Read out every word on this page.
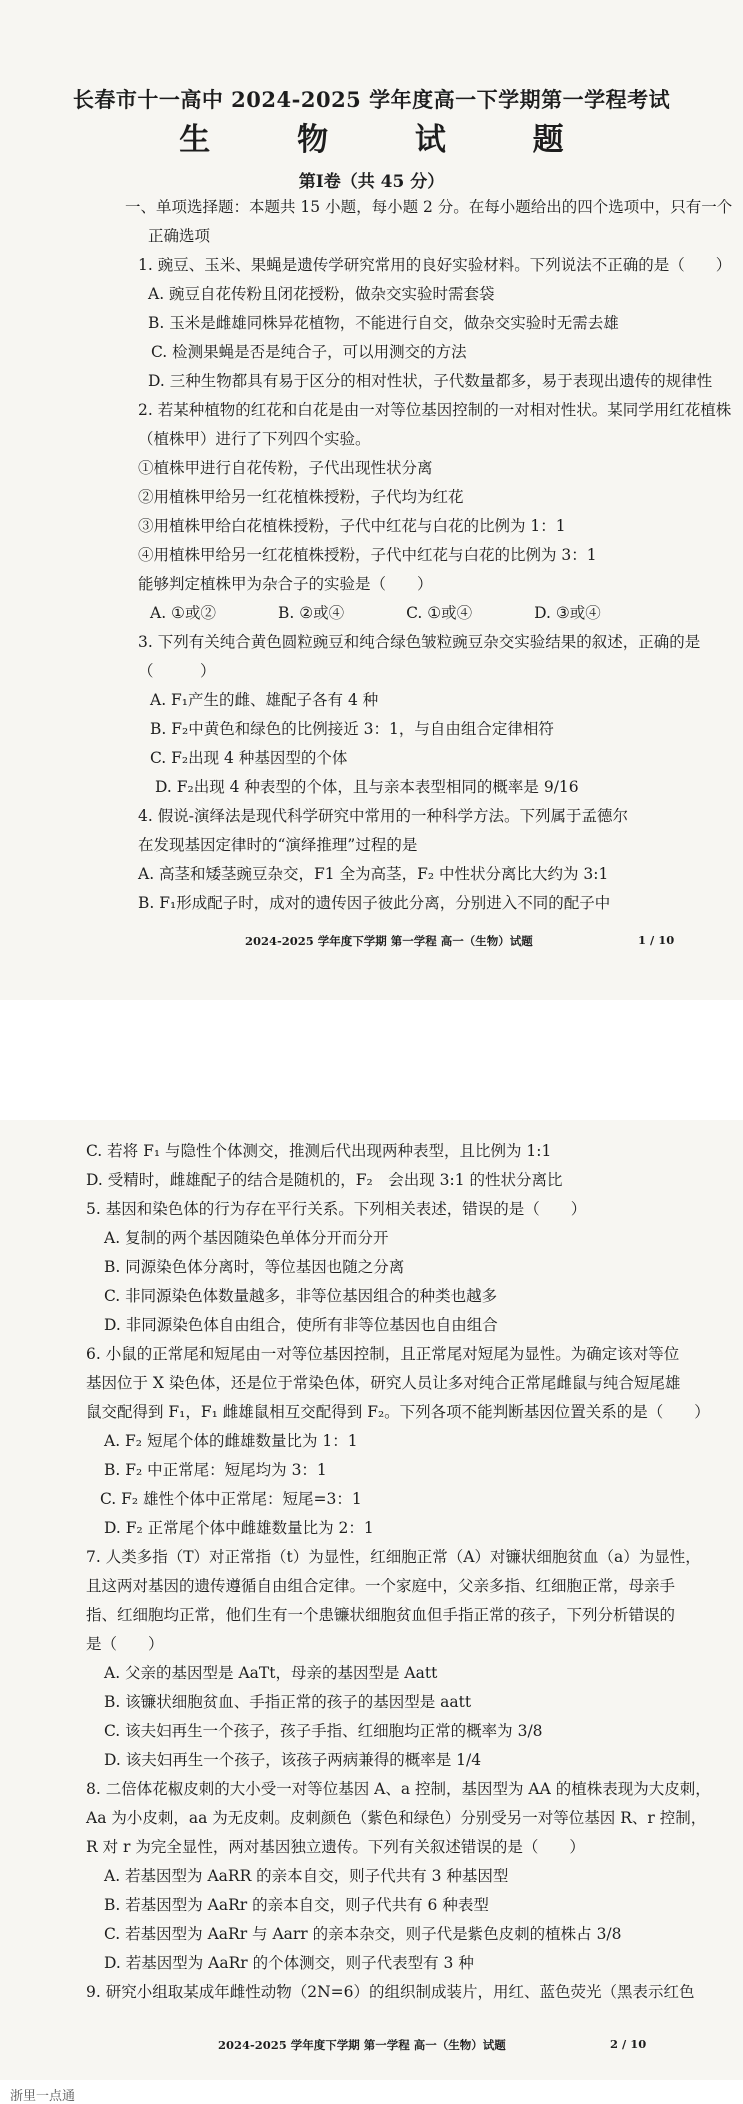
长春市十一高中 2024-2025 学年度高一下学期第一学程考试
生 物 试 题
第Ⅰ卷（共 45 分）
一、单项选择题：本题共 15 小题，每小题 2 分。在每小题给出的四个选项中，只有一个
正确选项
1. 豌豆、玉米、果蝇是遗传学研究常用的良好实验材料。下列说法不正确的是（　　）
A. 豌豆自花传粉且闭花授粉，做杂交实验时需套袋
B. 玉米是雌雄同株异花植物，不能进行自交，做杂交实验时无需去雄
C. 检测果蝇是否是纯合子，可以用测交的方法
D. 三种生物都具有易于区分的相对性状，子代数量都多，易于表现出遗传的规律性
2. 若某种植物的红花和白花是由一对等位基因控制的一对相对性状。某同学用红花植株
（植株甲）进行了下列四个实验。
①植株甲进行自花传粉，子代出现性状分离
②用植株甲给另一红花植株授粉，子代均为红花
③用植株甲给白花植株授粉，子代中红花与白花的比例为 1：1
④用植株甲给另一红花植株授粉，子代中红花与白花的比例为 3：1
能够判定植株甲为杂合子的实验是（　　）
A. ①或②　　　　B. ②或④　　　　C. ①或④　　　　D. ③或④
3. 下列有关纯合黄色圆粒豌豆和纯合绿色皱粒豌豆杂交实验结果的叙述，正确的是
（　　　）
A. F₁产生的雌、雄配子各有 4 种
B. F₂中黄色和绿色的比例接近 3：1，与自由组合定律相符
C. F₂出现 4 种基因型的个体
D. F₂出现 4 种表型的个体，且与亲本表型相同的概率是 9/16
4. 假说-演绎法是现代科学研究中常用的一种科学方法。下列属于孟德尔
在发现基因定律时的“演绎推理”过程的是
A. 高茎和矮茎豌豆杂交，F1 全为高茎，F₂ 中性状分离比大约为 3:1
B. F₁形成配子时，成对的遗传因子彼此分离，分别进入不同的配子中
2024-2025 学年度下学期 第一学程 高一（生物）试题	1 / 10
C. 若将 F₁ 与隐性个体测交，推测后代出现两种表型，且比例为 1:1
D. 受精时，雌雄配子的结合是随机的，F₂　会出现 3:1 的性状分离比
5. 基因和染色体的行为存在平行关系。下列相关表述，错误的是（　　）
A. 复制的两个基因随染色单体分开而分开
B. 同源染色体分离时，等位基因也随之分离
C. 非同源染色体数量越多，非等位基因组合的种类也越多
D. 非同源染色体自由组合，使所有非等位基因也自由组合
6. 小鼠的正常尾和短尾由一对等位基因控制，且正常尾对短尾为显性。为确定该对等位
基因位于 X 染色体，还是位于常染色体，研究人员让多对纯合正常尾雌鼠与纯合短尾雄
鼠交配得到 F₁，F₁ 雌雄鼠相互交配得到 F₂。下列各项不能判断基因位置关系的是（　　）
A. F₂ 短尾个体的雌雄数量比为 1：1
B. F₂ 中正常尾：短尾均为 3：1
C. F₂ 雄性个体中正常尾：短尾=3：1
D. F₂ 正常尾个体中雌雄数量比为 2：1
7. 人类多指（T）对正常指（t）为显性，红细胞正常（A）对镰状细胞贫血（a）为显性，
且这两对基因的遗传遵循自由组合定律。一个家庭中，父亲多指、红细胞正常，母亲手
指、红细胞均正常，他们生有一个患镰状细胞贫血但手指正常的孩子，下列分析错误的
是（　　）
A. 父亲的基因型是 AaTt，母亲的基因型是 Aatt
B. 该镰状细胞贫血、手指正常的孩子的基因型是 aatt
C. 该夫妇再生一个孩子，孩子手指、红细胞均正常的概率为 3/8
D. 该夫妇再生一个孩子，该孩子两病兼得的概率是 1/4
8. 二倍体花椒皮刺的大小受一对等位基因 A、a 控制，基因型为 AA 的植株表现为大皮刺，
Aa 为小皮刺，aa 为无皮刺。皮刺颜色（紫色和绿色）分别受另一对等位基因 R、r 控制，
R 对 r 为完全显性，两对基因独立遗传。下列有关叙述错误的是（　　）
A. 若基因型为 AaRR 的亲本自交，则子代共有 3 种基因型
B. 若基因型为 AaRr 的亲本自交，则子代共有 6 种表型
C. 若基因型为 AaRr 与 Aarr 的亲本杂交，则子代是紫色皮刺的植株占 3/8
D. 若基因型为 AaRr 的个体测交，则子代表型有 3 种
9. 研究小组取某成年雌性动物（2N=6）的组织制成装片，用红、蓝色荧光（黑表示红色
2024-2025 学年度下学期 第一学程 高一（生物）试题	2 / 10
浙里一点通
